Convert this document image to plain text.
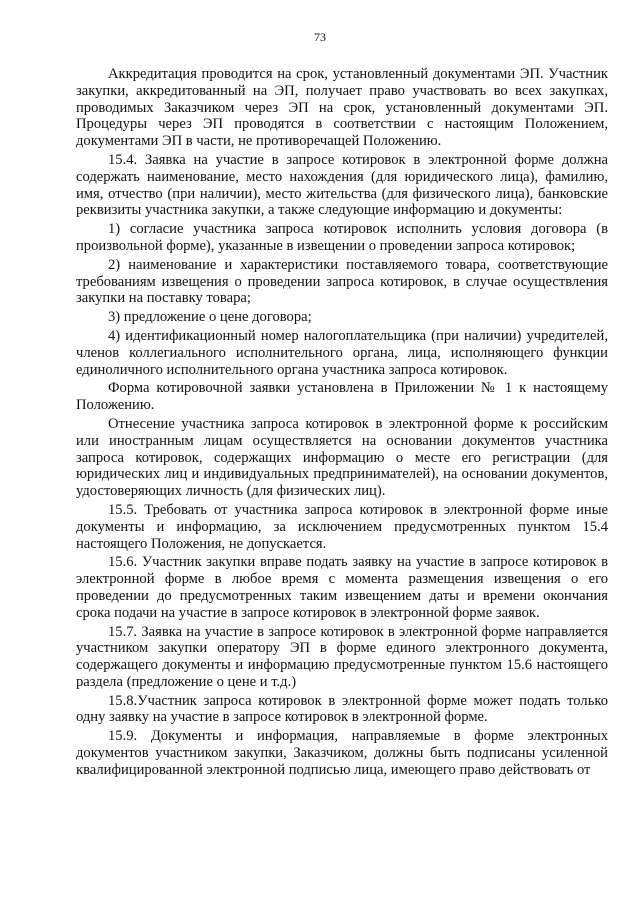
73

Аккредитация проводится на срок, установленный документами ЭП. Участник закупки, аккредитованный на ЭП, получает право участвовать во всех закупках, проводимых Заказчиком через ЭП на срок, установленный документами ЭП. Процедуры через ЭП проводятся в соответствии с настоящим Положением, документами ЭП в части, не противоречащей Положению.

15.4. Заявка на участие в запросе котировок в электронной форме должна содержать наименование, место нахождения (для юридического лица), фамилию, имя, отчество (при наличии), место жительства (для физического лица), банковские реквизиты участника закупки, а также следующие информацию и документы:

1) согласие участника запроса котировок исполнить условия договора (в произвольной форме), указанные в извещении о проведении запроса котировок;

2) наименование и характеристики поставляемого товара, соответствующие требованиям извещения о проведении запроса котировок, в случае осуществления закупки на поставку товара;

3) предложение о цене договора;

4) идентификационный номер налогоплательщика (при наличии) учредителей, членов коллегиального исполнительного органа, лица, исполняющего функции единоличного исполнительного органа участника запроса котировок.

Форма котировочной заявки установлена в Приложении № 1 к настоящему Положению.

Отнесение участника запроса котировок в электронной форме к российским или иностранным лицам осуществляется на основании документов участника запроса котировок, содержащих информацию о месте его регистрации (для юридических лиц и индивидуальных предпринимателей), на основании документов, удостоверяющих личность (для физических лиц).

15.5. Требовать от участника запроса котировок в электронной форме иные документы и информацию, за исключением предусмотренных пунктом 15.4 настоящего Положения, не допускается.

15.6. Участник закупки вправе подать заявку на участие в запросе котировок в электронной форме в любое время с момента размещения извещения о его проведении до предусмотренных таким извещением даты и времени окончания срока подачи на участие в запросе котировок в электронной форме заявок.

15.7. Заявка на участие в запросе котировок в электронной форме направляется участником закупки оператору ЭП в форме единого электронного документа, содержащего документы и информацию предусмотренные пунктом 15.6 настоящего раздела (предложение о цене и т.д.)

15.8.Участник запроса котировок в электронной форме может подать только одну заявку на участие в запросе котировок в электронной форме.

15.9. Документы и информация, направляемые в форме электронных документов участником закупки, Заказчиком, должны быть подписаны усиленной квалифицированной электронной подписью лица, имеющего право действовать от
